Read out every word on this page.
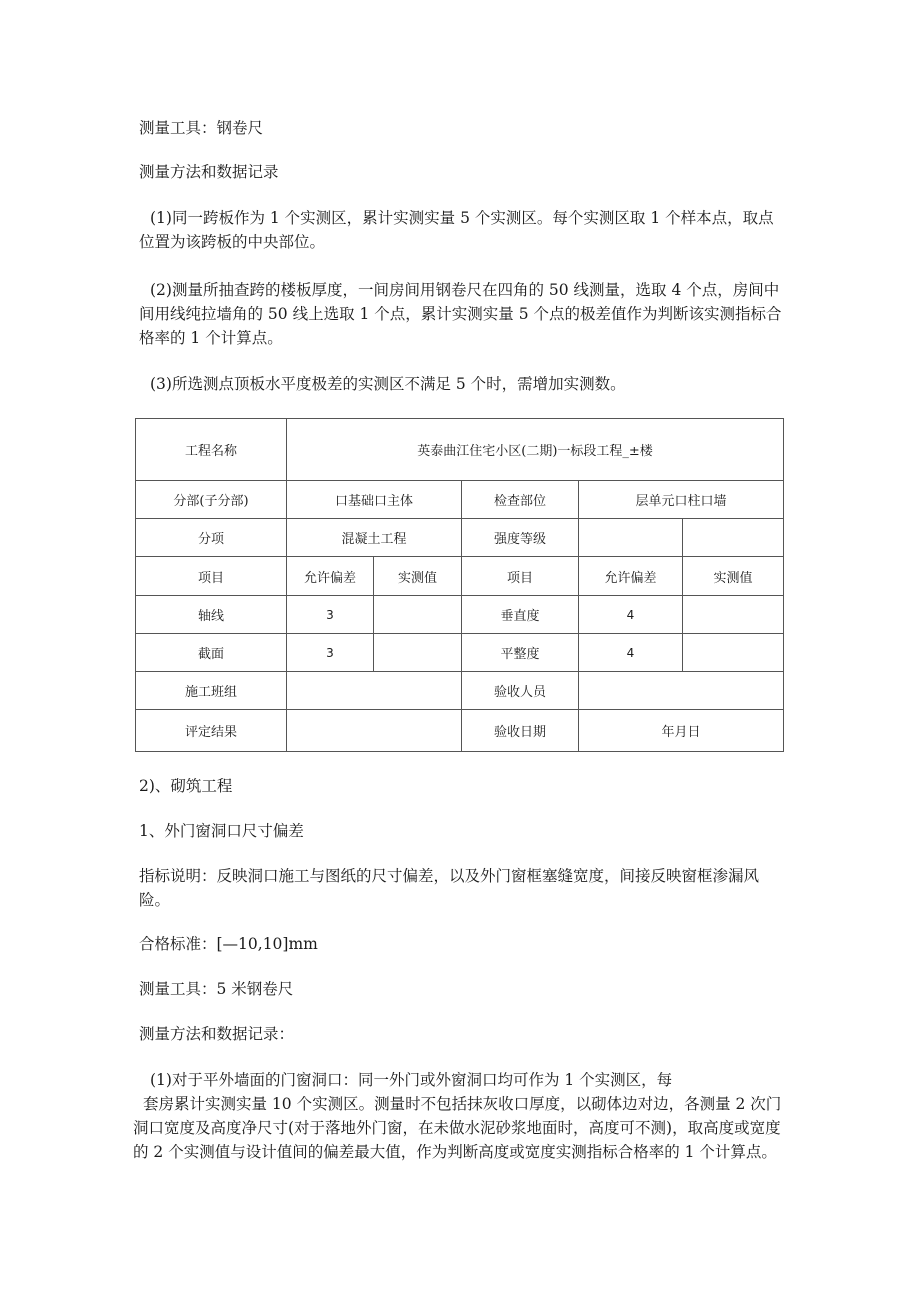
测量工具：钢卷尺

测量方法和数据记录

(1)同一跨板作为 1 个实测区，累计实测实量 5 个实测区。每个实测区取 1 个样本点，取点位置为该跨板的中央部位。

(2)测量所抽查跨的楼板厚度，一间房间用钢卷尺在四角的 50 线测量，选取 4 个点，房间中间用线纯拉墙角的 50 线上选取 1 个点，累计实测实量 5 个点的极差值作为判断该实测指标合格率的 1 个计算点。

(3)所选测点顶板水平度极差的实测区不满足 5 个时，需增加实测数。

工程名称	英泰曲江住宅小区(二期)一标段工程_±楼				
分部(子分部)	口基础口主体		检查部位	层单元口柱口墙	
分项	混凝土工程		强度等级		
项目	允许偏差	实测值	项目	允许偏差	实测值
轴线	3		垂直度	4	
截面	3		平整度	4	
施工班组			验收人员		
评定结果			验收日期	年月日	

2)、砌筑工程

1、外门窗洞口尺寸偏差

指标说明：反映洞口施工与图纸的尺寸偏差，以及外门窗框塞缝宽度，间接反映窗框渗漏风险。

合格标准：[—10,10]mm

测量工具：5 米钢卷尺

测量方法和数据记录：

(1)对于平外墙面的门窗洞口：同一外门或外窗洞口均可作为 1 个实测区，每

套房累计实测实量 10 个实测区。测量时不包括抹灰收口厚度，以砌体边对边，各测量 2 次门洞口宽度及高度净尺寸(对于落地外门窗，在未做水泥砂浆地面时，高度可不测)，取高度或宽度的 2 个实测值与设计值间的偏差最大值，作为判断高度或宽度实测指标合格率的 1 个计算点。
